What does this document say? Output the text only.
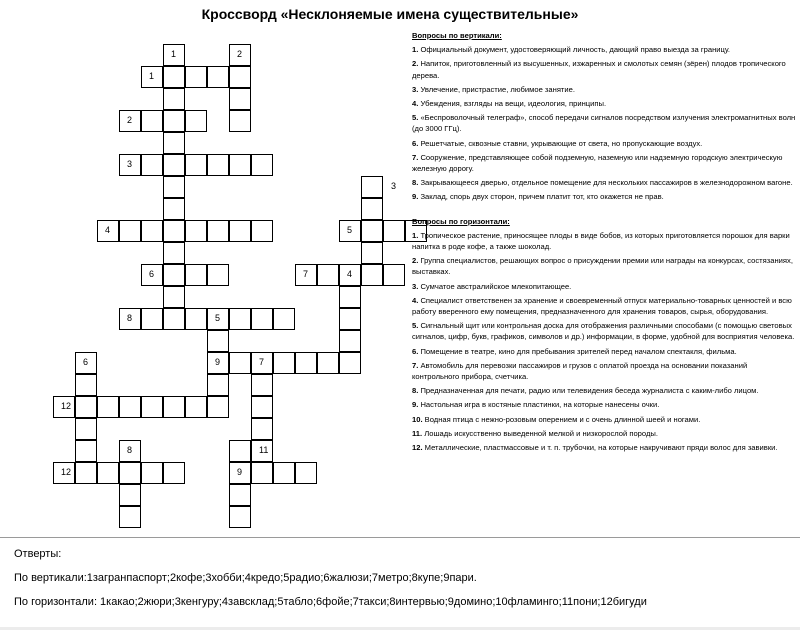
Кроссворд «Несклоняемые имена существительные»
1	2
1
2
3
3
4	5
6	7	4
8	5
6	9	7
12
8	11
9
12
Вопросы по вертикали:
1. Официальный документ, удостоверяющий личность, дающий право выезда за границу.
2. Напиток, приготовленный из высушенных, изжаренных и смолотых семян (зёрен) плодов тропического дерева.
3. Увлечение, пристрастие, любимое занятие.
4. Убеждения, взгляды на вещи, идеология, принципы.
5. «Беспроволочный телеграф», способ передачи сигналов посредством излучения электромагнитных волн (до 3000 ГГц).
6. Решетчатые, сквозные ставни, укрывающие от света, но пропускающие воздух.
7. Сооружение, представляющее собой подземную, наземную или надземную городскую электрическую железную дорогу.
8. Закрывающееся дверью, отдельное помещение для нескольких пассажиров в железнодорожном вагоне.
9. Заклад, спорь двух сторон, причем платит тот, кто окажется не прав.
Вопросы по горизонтали:
1. Тропическое растение, приносящее плоды в виде бобов, из которых приготовляется порошок для варки напитка в роде кофе, а также шоколад.
2. Группа специалистов, решающих вопрос о присуждении премии или награды на конкурсах, состязаниях, выставках.
3. Сумчатое австралийское млекопитающее.
4. Специалист ответственен за хранение и своевременный отпуск материально-товарных ценностей и всю работу вверенного ему помещения, предназначенного для хранения товаров, сырья, оборудования.
5. Сигнальный щит или контрольная доска для отображения различными способами (с помощью световых сигналов, цифр, букв, графиков, символов и др.) информации, в форме, удобной для восприятия человека.
6. Помещение в театре, кино для пребывания зрителей перед началом спектакля, фильма.
7. Автомобиль для перевозки пассажиров и грузов с оплатой проезда на основании показаний контрольного прибора, счетчика.
8. Предназначенная для печати, радио или телевидения беседа журналиста с каким-либо лицом.
9. Настольная игра в костяные пластинки, на которые нанесены очки.
10. Водная птица с нежно-розовым оперением и с очень длинной шеей и ногами.
11. Лошадь искусственно выведенной мелкой и низкорослой породы.
12. Металлические, пластмассовые и т. п. трубочки, на которые накручивают пряди волос для завивки.
Отверты:
По вертикали:1загранпаспорт;2кофе;3хобби;4кредо;5радио;6жалюзи;7метро;8купе;9пари.
По горизонтали: 1какао;2жюри;3кенгуру;4завсклад;5табло;6фойе;7такси;8интервью;9домино;10фламинго;11пони;12бигуди
